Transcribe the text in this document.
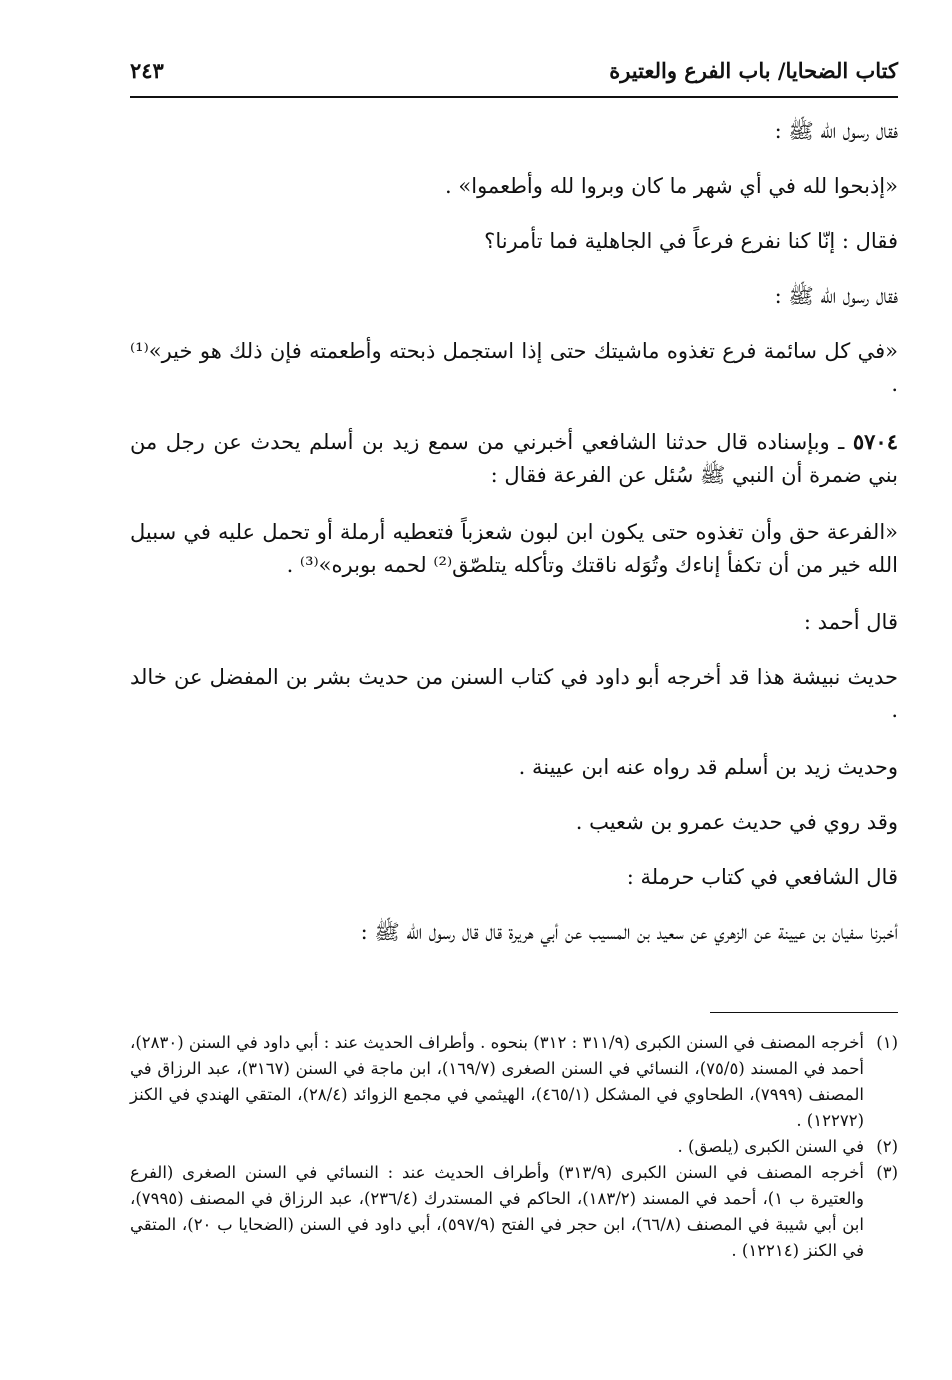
كتاب الضحايا/ باب الفرع والعتيرة
٢٤٣

فقال رسول الله ﷺ :

«إذبحوا لله في أي شهر ما كان وبروا لله وأطعموا» .

فقال : إنّا كنا نفرع فرعاً في الجاهلية فما تأمرنا؟

فقال رسول الله ﷺ :

«في كل سائمة فرع تغذوه ماشيتك حتى إذا استجمل ذبحته وأطعمته فإن ذلك هو خير»⁽¹⁾ .

٥٧٠٤ ـ وبإسناده قال حدثنا الشافعي أخبرني من سمع زيد بن أسلم يحدث عن رجل من بني ضمرة أن النبي ﷺ سُئل عن الفرعة فقال :

«الفرعة حق وأن تغذوه حتى يكون ابن لبون شعزباً فتعطيه أرملة أو تحمل عليه في سبيل الله خير من أن تكفأ إناءك وتُوَله ناقتك وتأكله يتلصّق⁽²⁾ لحمه بوبره»⁽³⁾ .

قال أحمد :

حديث نبيشة هذا قد أخرجه أبو داود في كتاب السنن من حديث بشر بن المفضل عن خالد .

وحديث زيد بن أسلم قد رواه عنه ابن عيينة .

وقد روي في حديث عمرو بن شعيب .

قال الشافعي في كتاب حرملة :

أخبرنا سفيان بن عيينة عن الزهري عن سعيد بن المسيب عن أبي هريرة قال قال رسول الله ﷺ :

(١)
أخرجه المصنف في السنن الكبرى (٣١١/٩ : ٣١٢) بنحوه . وأطراف الحديث عند : أبي داود في السنن (٢٨٣٠)، أحمد في المسند (٧٥/٥)، النسائي في السنن الصغرى (١٦٩/٧)، ابن ماجة في السنن (٣١٦٧)، عبد الرزاق في المصنف (٧٩٩٩)، الطحاوي في المشكل (٤٦٥/١)، الهيثمي في مجمع الزوائد (٢٨/٤)، المتقي الهندي في الكنز (١٢٢٧٢) .
(٢)
في السنن الكبرى (يلصق) .
(٣)
أخرجه المصنف في السنن الكبرى (٣١٣/٩) وأطراف الحديث عند : النسائي في السنن الصغرى (الفرع والعتيرة ب ١)، أحمد في المسند (١٨٣/٢)، الحاكم في المستدرك (٢٣٦/٤)، عبد الرزاق في المصنف (٧٩٩٥)، ابن أبي شيبة في المصنف (٦٦/٨)، ابن حجر في الفتح (٥٩٧/٩)، أبي داود في السنن (الضحايا ب ٢٠)، المتقي في الكنز (١٢٢١٤) .
